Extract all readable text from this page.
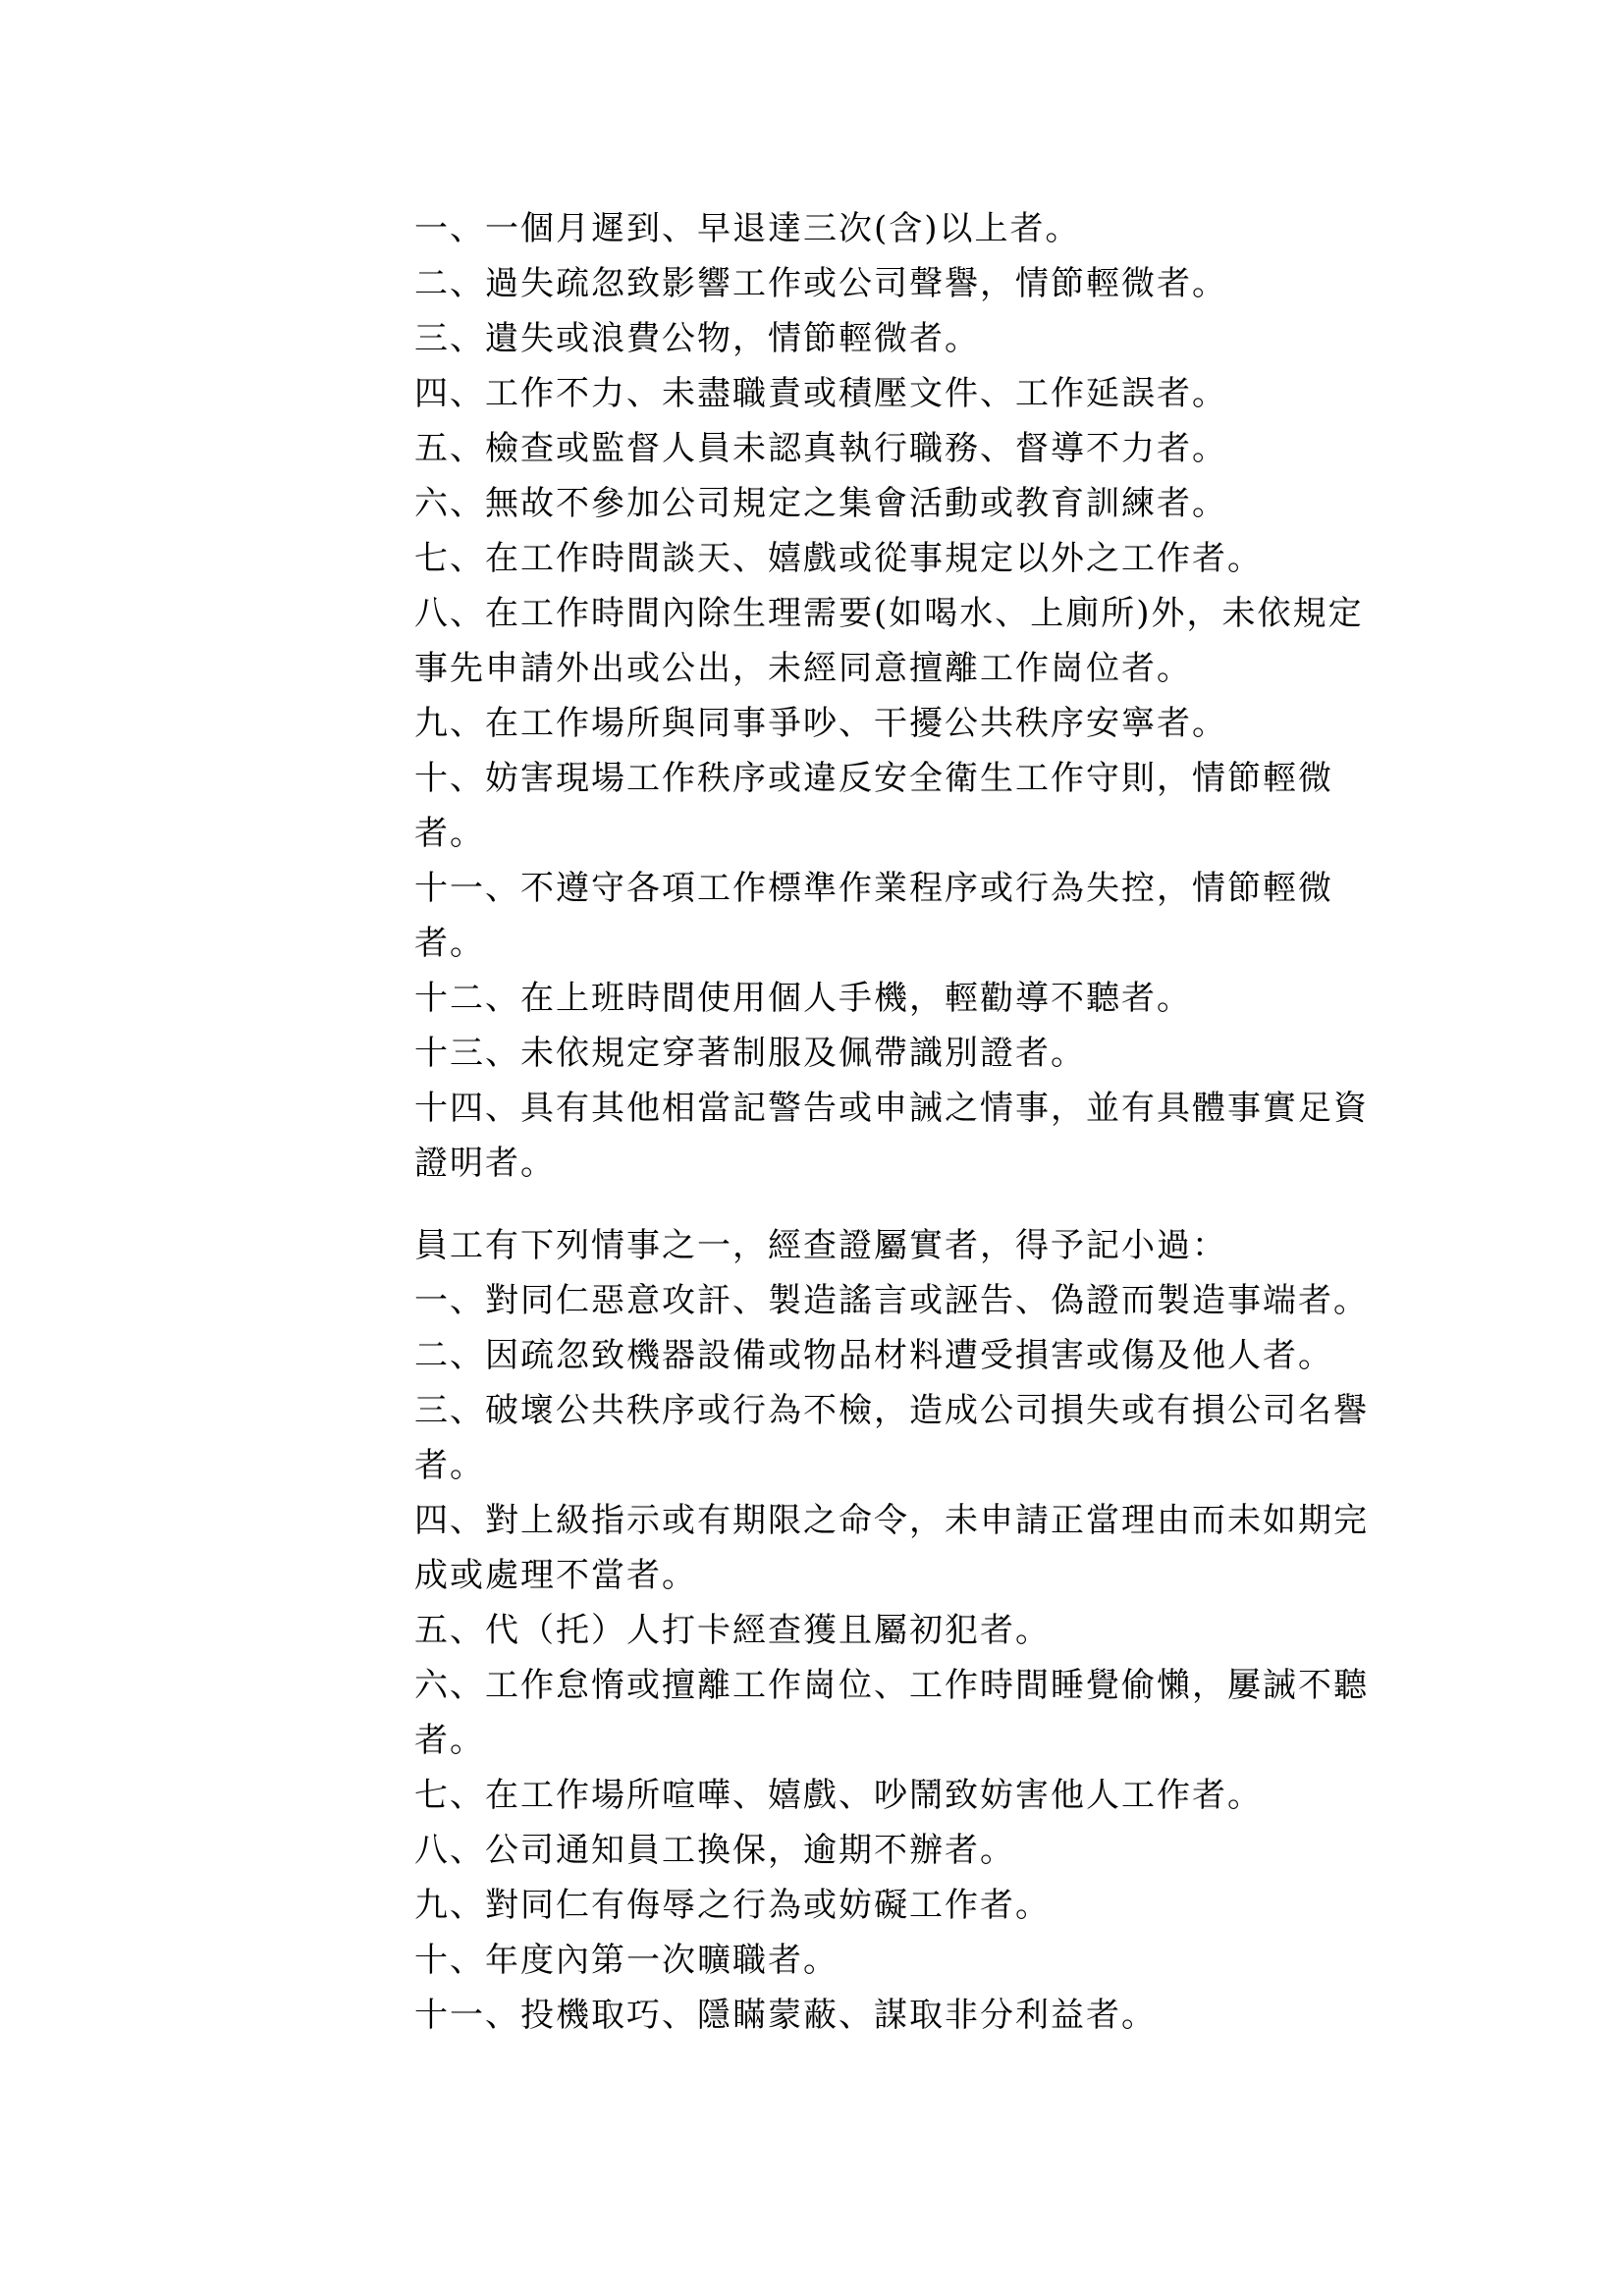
一、一個月遲到、早退達三次(含)以上者。

二、過失疏忽致影響工作或公司聲譽，情節輕微者。

三、遺失或浪費公物，情節輕微者。

四、工作不力、未盡職責或積壓文件、工作延誤者。

五、檢查或監督人員未認真執行職務、督導不力者。

六、無故不參加公司規定之集會活動或教育訓練者。

七、在工作時間談天、嬉戲或從事規定以外之工作者。

八、在工作時間內除生理需要(如喝水、上廁所)外，未依規定事先申請外出或公出，未經同意擅離工作崗位者。

九、在工作場所與同事爭吵、干擾公共秩序安寧者。

十、妨害現場工作秩序或違反安全衛生工作守則，情節輕微者。

十一、不遵守各項工作標準作業程序或行為失控，情節輕微者。

十二、在上班時間使用個人手機，輕勸導不聽者。

十三、未依規定穿著制服及佩帶識別證者。

十四、具有其他相當記警告或申誡之情事，並有具體事實足資證明者。

員工有下列情事之一，經查證屬實者，得予記小過：

一、對同仁惡意攻訐、製造謠言或誣告、偽證而製造事端者。

二、因疏忽致機器設備或物品材料遭受損害或傷及他人者。

三、破壞公共秩序或行為不檢，造成公司損失或有損公司名譽者。

四、對上級指示或有期限之命令，未申請正當理由而未如期完成或處理不當者。

五、代（托）人打卡經查獲且屬初犯者。

六、工作怠惰或擅離工作崗位、工作時間睡覺偷懶，屢誡不聽者。

七、在工作場所喧嘩、嬉戲、吵鬧致妨害他人工作者。

八、公司通知員工換保，逾期不辦者。

九、對同仁有侮辱之行為或妨礙工作者。

十、年度內第一次曠職者。

十一、投機取巧、隱瞞蒙蔽、謀取非分利益者。
